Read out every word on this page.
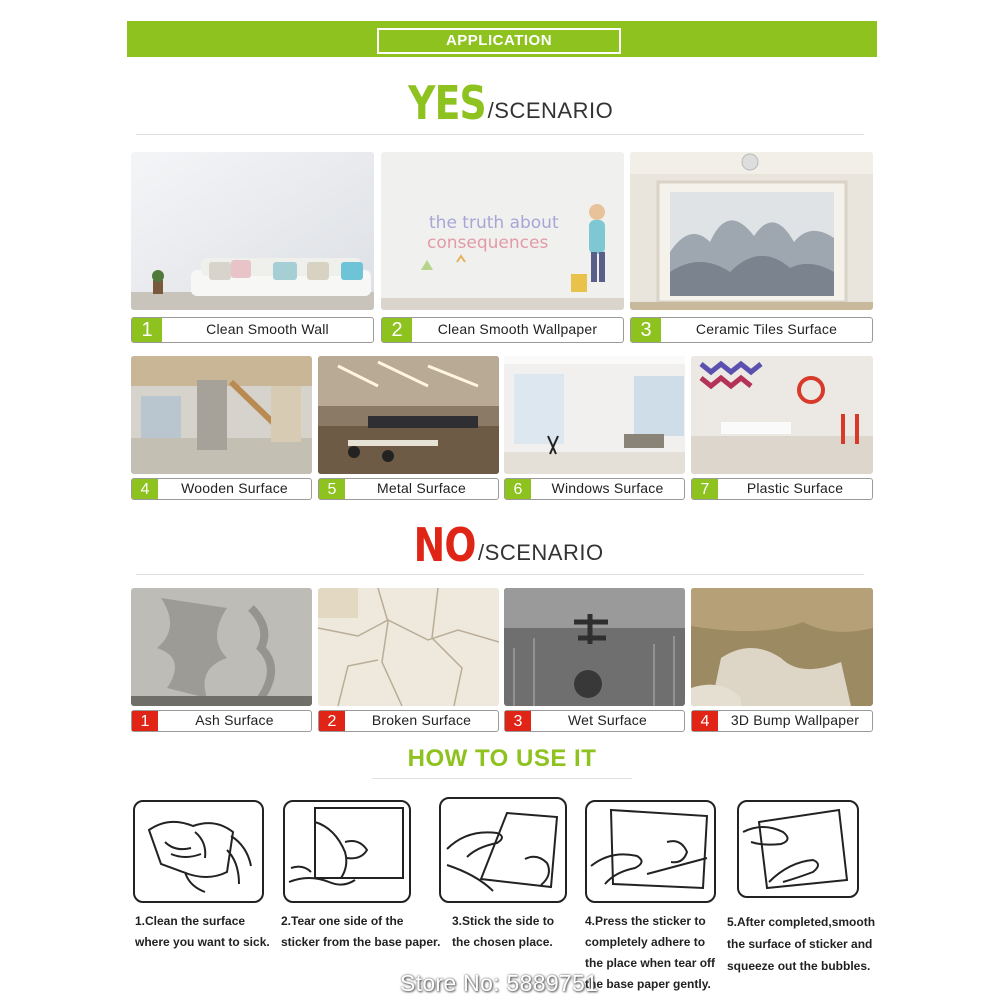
APPLICATION
YES /SCENARIO
the truth about
consequences
1	Clean Smooth Wall	2	Clean Smooth Wallpaper	3	Ceramic Tiles Surface
4	Wooden Surface	5	Metal Surface	6	Windows Surface	7	Plastic Surface
NO /SCENARIO
1	Ash Surface	2	Broken Surface	3	Wet Surface	4	3D Bump Wallpaper
HOW TO USE IT
1.Clean the surface
where you want to sick.
2.Tear one side of the
sticker from the base paper.
3.Stick the side to
the chosen place.
4.Press the sticker to
completely adhere to
the place when tear off
the base paper gently.
5.After completed,smooth
the surface of sticker and
squeeze out the bubbles.
Store No: 5889751
